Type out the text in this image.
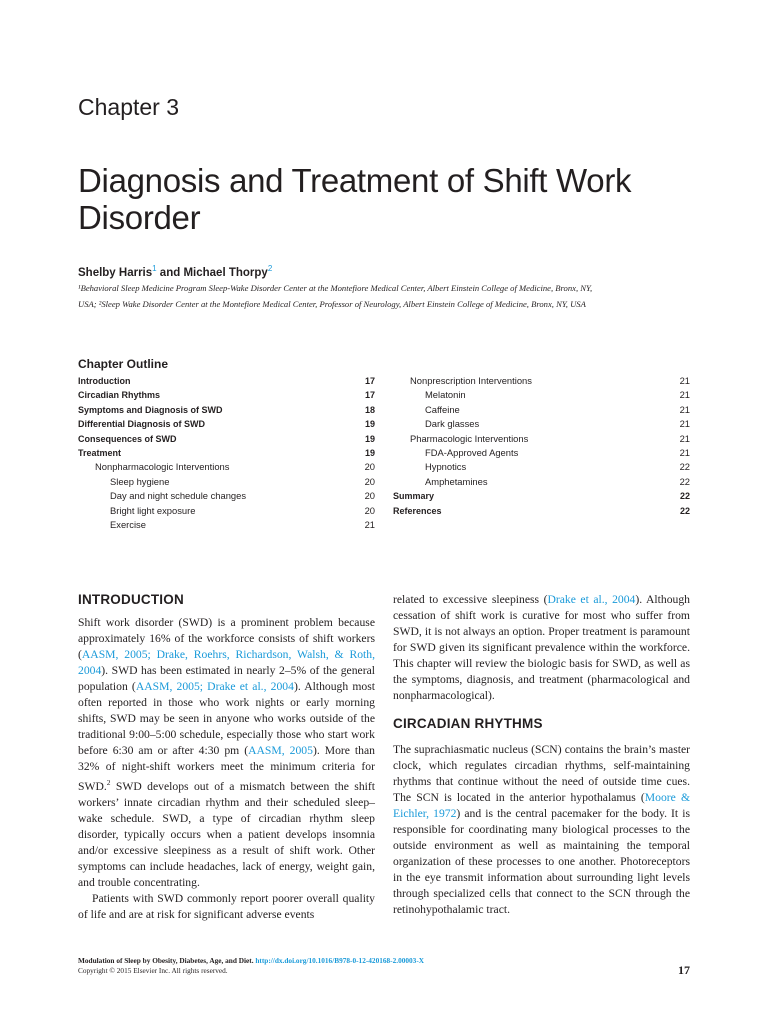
Chapter 3
Diagnosis and Treatment of Shift Work Disorder
Shelby Harris$^1$ and Michael Thorpy$^2$
¹Behavioral Sleep Medicine Program Sleep-Wake Disorder Center at the Montefiore Medical Center, Albert Einstein College of Medicine, Bronx, NY,
USA; ²Sleep Wake Disorder Center at the Montefiore Medical Center, Professor of Neurology, Albert Einstein College of Medicine, Bronx, NY, USA
Chapter Outline
Introduction	17
Circadian Rhythms	17
Symptoms and Diagnosis of SWD	18
Differential Diagnosis of SWD	19
Consequences of SWD	19
Treatment	19
Nonpharmacologic Interventions	20
Sleep hygiene	20
Day and night schedule changes	20
Bright light exposure	20
Exercise	21
Nonprescription Interventions	21
Melatonin	21
Caffeine	21
Dark glasses	21
Pharmacologic Interventions	21
FDA-Approved Agents	21
Hypnotics	22
Amphetamines	22
Summary	22
References	22
INTRODUCTION

Shift work disorder (SWD) is a prominent problem because approximately 16% of the workforce consists of shift workers (AASM, 2005; Drake, Roehrs, Richardson, Walsh, & Roth, 2004). SWD has been estimated in nearly 2–5% of the general population (AASM, 2005; Drake et al., 2004). Although most often reported in those who work nights or early morning shifts, SWD may be seen in anyone who works outside of the traditional 9:00–5:00 schedule, especially those who start work before 6:30 am or after 4:30 pm (AASM, 2005). More than 32% of night-shift workers meet the minimum criteria for SWD.$^2$ SWD develops out of a mismatch between the shift workers’ innate circadian rhythm and their scheduled sleep–wake schedule. SWD, a type of circadian rhythm sleep disorder, typically occurs when a patient develops insomnia and/or excessive sleepiness as a result of shift work. Other symptoms can include headaches, lack of energy, weight gain, and trouble concentrating.

Patients with SWD commonly report poorer overall quality of life and are at risk for significant adverse events

related to excessive sleepiness (Drake et al., 2004). Although cessation of shift work is curative for most who suffer from SWD, it is not always an option. Proper treatment is paramount for SWD given its significant prevalence within the workforce. This chapter will review the biologic basis for SWD, as well as the symptoms, diagnosis, and treatment (pharmacological and nonpharmacological).

CIRCADIAN RHYTHMS

The suprachiasmatic nucleus (SCN) contains the brain’s master clock, which regulates circadian rhythms, self-maintaining rhythms that continue without the need of outside time cues. The SCN is located in the anterior hypothalamus (Moore & Eichler, 1972) and is the central pacemaker for the body. It is responsible for coordinating many biological processes to the outside environment as well as maintaining the temporal organization of these processes to one another. Photoreceptors in the eye transmit information about surrounding light levels through specialized cells that connect to the SCN through the retinohypothalamic tract.

Modulation of Sleep by Obesity, Diabetes, Age, and Diet. http://dx.doi.org/10.1016/B978-0-12-420168-2.00003-X
Copyright © 2015 Elsevier Inc. All rights reserved.	17
